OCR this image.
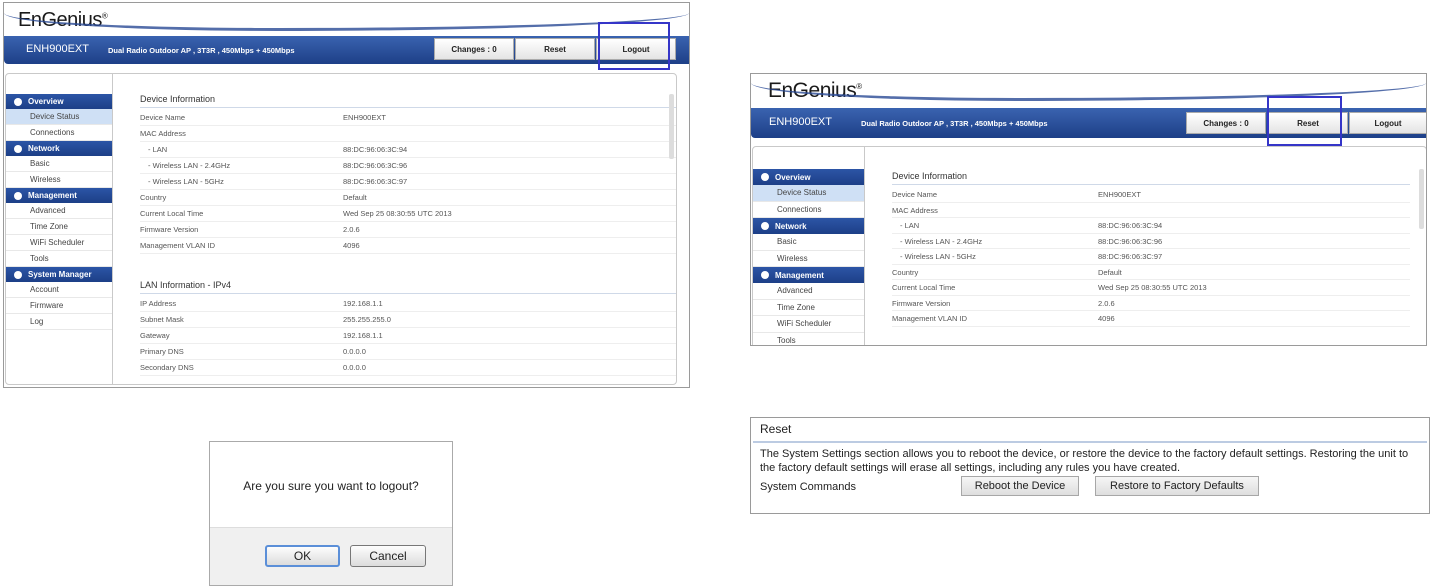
EnGenius®
ENH900EXT	Dual Radio Outdoor AP , 3T3R , 450Mbps + 450Mbps	Changes : 0	Reset	Logout
Overview
Device Status
Connections
Network
Basic
Wireless
Management
Advanced
Time Zone
WiFi Scheduler
Tools
System Manager
Account
Firmware
Log
Device Information
Device Name	ENH900EXT
MAC Address
- LAN	88:DC:96:06:3C:94
- Wireless LAN - 2.4GHz	88:DC:96:06:3C:96
- Wireless LAN - 5GHz	88:DC:96:06:3C:97
Country	Default
Current Local Time	Wed Sep 25 08:30:55 UTC 2013
Firmware Version	2.0.6
Management VLAN ID	4096
LAN Information - IPv4
IP Address	192.168.1.1
Subnet Mask	255.255.255.0
Gateway	192.168.1.1
Primary DNS	0.0.0.0
Secondary DNS	0.0.0.0
Are you sure you want to logout?
OK	Cancel
EnGenius®
ENH900EXT	Dual Radio Outdoor AP , 3T3R , 450Mbps + 450Mbps	Changes : 0	Reset	Logout
Overview
Device Status
Connections
Network
Basic
Wireless
Management
Advanced
Time Zone
WiFi Scheduler
Tools
Device Information
Device Name	ENH900EXT
MAC Address
- LAN	88:DC:96:06:3C:94
- Wireless LAN - 2.4GHz	88:DC:96:06:3C:96
- Wireless LAN - 5GHz	88:DC:96:06:3C:97
Country	Default
Current Local Time	Wed Sep 25 08:30:55 UTC 2013
Firmware Version	2.0.6
Management VLAN ID	4096
Reset
The System Settings section allows you to reboot the device, or restore the device to the factory default settings. Restoring the unit to the factory default settings will erase all settings, including any rules you have created.
System Commands	Reboot the Device	Restore to Factory Defaults
